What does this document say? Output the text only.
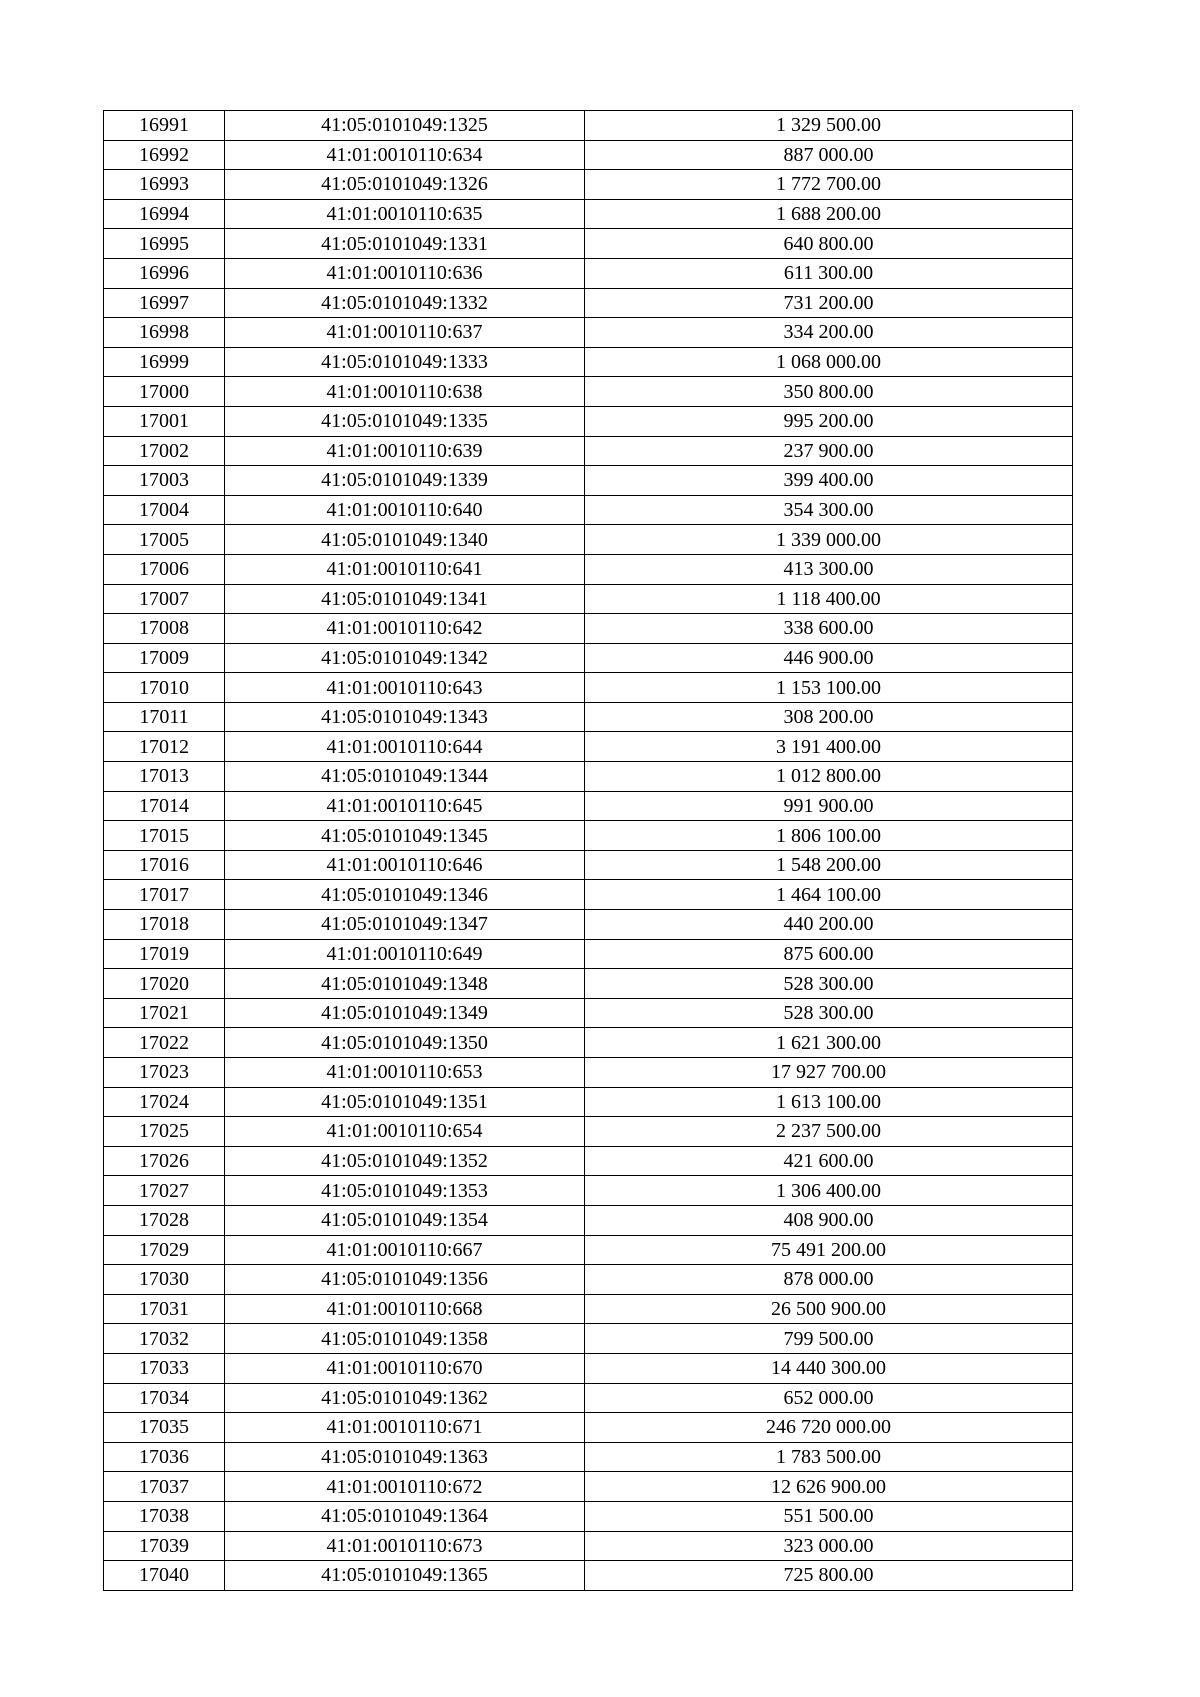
16991	41:05:0101049:1325	1 329 500.00
16992	41:01:0010110:634	887 000.00
16993	41:05:0101049:1326	1 772 700.00
16994	41:01:0010110:635	1 688 200.00
16995	41:05:0101049:1331	640 800.00
16996	41:01:0010110:636	611 300.00
16997	41:05:0101049:1332	731 200.00
16998	41:01:0010110:637	334 200.00
16999	41:05:0101049:1333	1 068 000.00
17000	41:01:0010110:638	350 800.00
17001	41:05:0101049:1335	995 200.00
17002	41:01:0010110:639	237 900.00
17003	41:05:0101049:1339	399 400.00
17004	41:01:0010110:640	354 300.00
17005	41:05:0101049:1340	1 339 000.00
17006	41:01:0010110:641	413 300.00
17007	41:05:0101049:1341	1 118 400.00
17008	41:01:0010110:642	338 600.00
17009	41:05:0101049:1342	446 900.00
17010	41:01:0010110:643	1 153 100.00
17011	41:05:0101049:1343	308 200.00
17012	41:01:0010110:644	3 191 400.00
17013	41:05:0101049:1344	1 012 800.00
17014	41:01:0010110:645	991 900.00
17015	41:05:0101049:1345	1 806 100.00
17016	41:01:0010110:646	1 548 200.00
17017	41:05:0101049:1346	1 464 100.00
17018	41:05:0101049:1347	440 200.00
17019	41:01:0010110:649	875 600.00
17020	41:05:0101049:1348	528 300.00
17021	41:05:0101049:1349	528 300.00
17022	41:05:0101049:1350	1 621 300.00
17023	41:01:0010110:653	17 927 700.00
17024	41:05:0101049:1351	1 613 100.00
17025	41:01:0010110:654	2 237 500.00
17026	41:05:0101049:1352	421 600.00
17027	41:05:0101049:1353	1 306 400.00
17028	41:05:0101049:1354	408 900.00
17029	41:01:0010110:667	75 491 200.00
17030	41:05:0101049:1356	878 000.00
17031	41:01:0010110:668	26 500 900.00
17032	41:05:0101049:1358	799 500.00
17033	41:01:0010110:670	14 440 300.00
17034	41:05:0101049:1362	652 000.00
17035	41:01:0010110:671	246 720 000.00
17036	41:05:0101049:1363	1 783 500.00
17037	41:01:0010110:672	12 626 900.00
17038	41:05:0101049:1364	551 500.00
17039	41:01:0010110:673	323 000.00
17040	41:05:0101049:1365	725 800.00
